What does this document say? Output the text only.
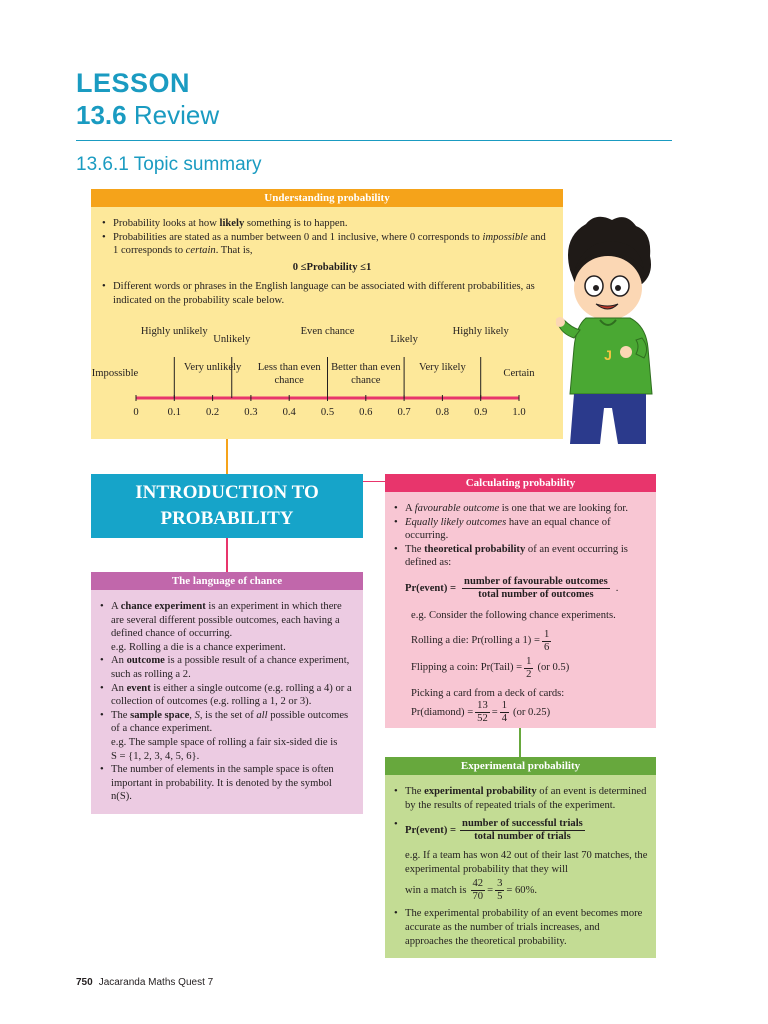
LESSON
13.6 Review
13.6.1 Topic summary
Understanding probability
• Probability looks at how likely something is to happen.
• Probabilities are stated as a number between 0 and 1 inclusive, where 0 corresponds to impossible and 1 corresponds to certain. That is,
0 ≤Probability ≤1
• Different words or phrases in the English language can be associated with different probabilities, as indicated on the probability scale below.
Highly unlikely
Unlikely
Even chance
Likely
Highly likely
Impossible
Very unlikely	Less than even chance
Better than even chance
Very likely
Certain
0	0.1	0.2	0.3	0.4	0.5	0.6	0.7	0.8	0.9	1.0
INTRODUCTION TO
PROBABILITY
The language of chance
• A chance experiment is an experiment in which there are several different possible outcomes, each having a defined chance of occurring.
e.g. Rolling a die is a chance experiment.
• An outcome is a possible result of a chance experiment, such as rolling a 2.
• An event is either a single outcome (e.g. rolling a 4) or a collection of outcomes (e.g. rolling a 1, 2 or 3).
• The sample space, S, is the set of all possible outcomes of a chance experiment.
e.g. The sample space of rolling a fair six-sided die is
S = {1, 2, 3, 4, 5, 6}.
• The number of elements in the sample space is often important in probability. It is denoted by the symbol n(S).
Calculating probability
• A favourable outcome is one that we are looking for.
• Equally likely outcomes have an equal chance of occurring.
• The theoretical probability of an event occurring is defined as:
Pr(event) = $\frac{\text{number of favourable outcomes}}{\text{total number of outcomes}}$ .
e.g. Consider the following chance experiments.
Rolling a die: Pr(rolling a $1) = \frac{1}{6}$
Flipping a coin: Pr(Tail) = $\frac{1}{2} (or$ 0.5)
Picking a card from a deck of cards:
Pr(diamond) = $\frac{13}{52} = \frac{1}{4} (or$ 0.25)
Experimental probability
• The experimental probability of an event is determined by the results of repeated trials of the experiment.
• Pr(event) = $\frac{\text{number of successful trials}}{\text{total number of trials}}$
e.g. If a team has won 42 out of their last 70 matches, the experimental probability that they will
win a match is $\frac{42}{70} = \frac{3}{5} = 60\%$.
• The experimental probability of an event becomes more accurate as the number of trials increases, and approaches the theoretical probability.
J
750 Jacaranda Maths Quest 7
